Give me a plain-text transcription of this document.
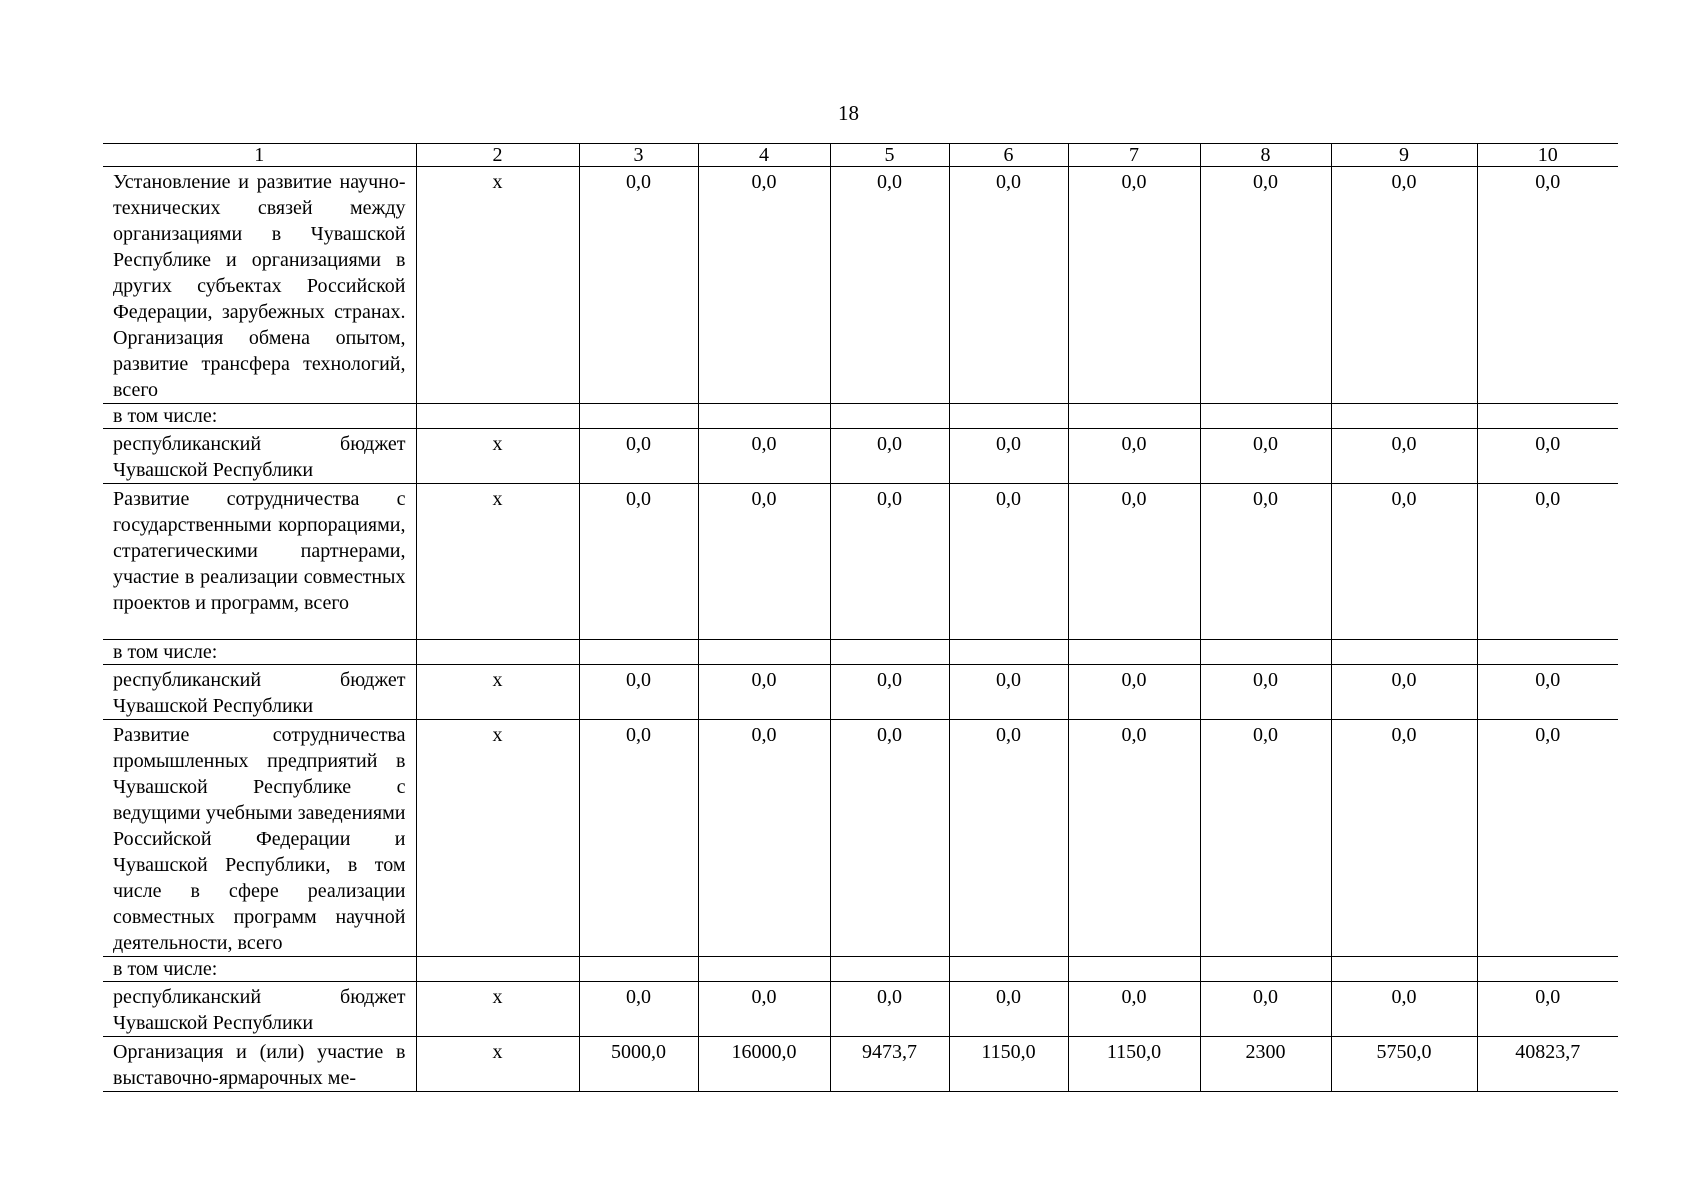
18
1	2	3	4	5	6	7	8	9	10
Установление и развитие научно-технических связей между организациями в Чувашской Республике и организациями в других субъектах Российской Федерации, зарубежных странах. Организация обмена опытом, развитие трансфера технологий, всего	х	0,0	0,0	0,0	0,0	0,0	0,0	0,0	0,0
в том числе:									
республиканский бюджет Чувашской Республики	х	0,0	0,0	0,0	0,0	0,0	0,0	0,0	0,0
Развитие сотрудничества с государственными корпорациями, стратегическими партнерами, участие в реализации совместных проектов и программ, всего	х	0,0	0,0	0,0	0,0	0,0	0,0	0,0	0,0
в том числе:									
республиканский бюджет Чувашской Республики	х	0,0	0,0	0,0	0,0	0,0	0,0	0,0	0,0
Развитие сотрудничества промышленных предприятий в Чувашской Республике с ведущими учебными заведениями Российской Федерации и Чувашской Республики, в том числе в сфере реализации совместных программ научной деятельности, всего	х	0,0	0,0	0,0	0,0	0,0	0,0	0,0	0,0
в том числе:									
республиканский бюджет Чувашской Республики	х	0,0	0,0	0,0	0,0	0,0	0,0	0,0	0,0
Организация и (или) участие в выставочно-ярмарочных ме-	х	5000,0	16000,0	9473,7	1150,0	1150,0	2300	5750,0	40823,7
